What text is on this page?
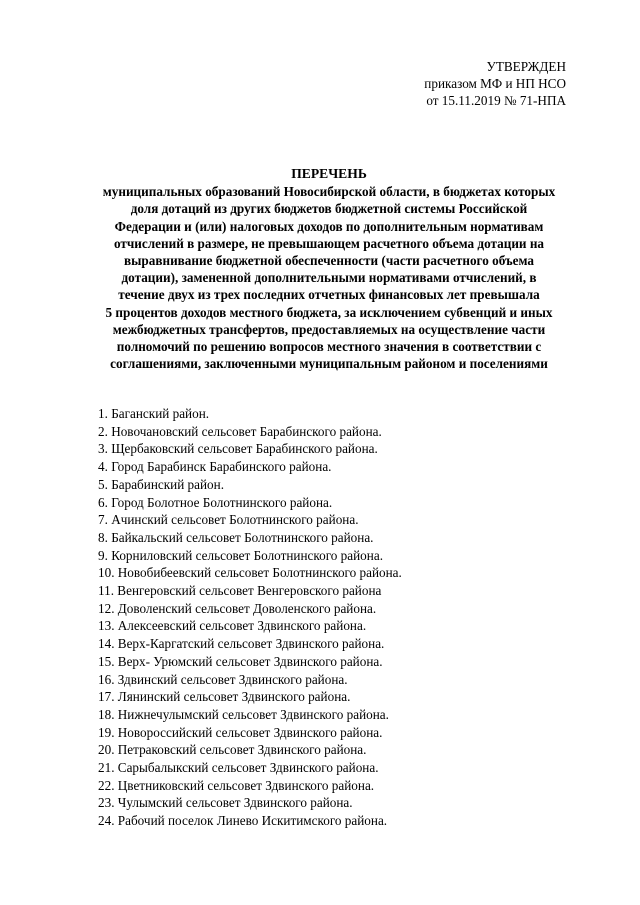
УТВЕРЖДЕН
приказом МФ и НП НСО
от 15.11.2019 № 71-НПА
ПЕРЕЧЕНЬ
муниципальных образований Новосибирской области, в бюджетах которых
доля дотаций из других бюджетов бюджетной системы Российской
Федерации и (или) налоговых доходов по дополнительным нормативам
отчислений в размере, не превышающем расчетного объема дотации на
выравнивание бюджетной обеспеченности (части расчетного объема
дотации), замененной дополнительными нормативами отчислений, в
течение двух из трех последних отчетных финансовых лет превышала
5 процентов доходов местного бюджета, за исключением субвенций и иных
межбюджетных трансфертов, предоставляемых на осуществление части
полномочий по решению вопросов местного значения в соответствии с
соглашениями, заключенными муниципальным районом и поселениями
1. Баганский район.
2. Новочановский сельсовет Барабинского района.
3. Щербаковский сельсовет Барабинского района.
4. Город Барабинск Барабинского района.
5. Барабинский район.
6. Город Болотное Болотнинского района.
7. Ачинский сельсовет Болотнинского района.
8. Байкальский сельсовет Болотнинского района.
9. Корниловский сельсовет Болотнинского района.
10. Новобибеевский сельсовет Болотнинского района.
11. Венгеровский сельсовет Венгеровского района
12. Доволенский сельсовет Доволенского района.
13. Алексеевский сельсовет Здвинского района.
14. Верх-Каргатский сельсовет Здвинского района.
15. Верх- Урюмский сельсовет Здвинского района.
16. Здвинский сельсовет Здвинского района.
17. Лянинский сельсовет Здвинского района.
18. Нижнечулымский сельсовет Здвинского района.
19. Новороссийский сельсовет Здвинского района.
20. Петраковский сельсовет Здвинского района.
21. Сарыбалыкский сельсовет Здвинского района.
22. Цветниковский сельсовет Здвинского района.
23. Чулымский сельсовет Здвинского района.
24. Рабочий поселок Линево Искитимского района.
